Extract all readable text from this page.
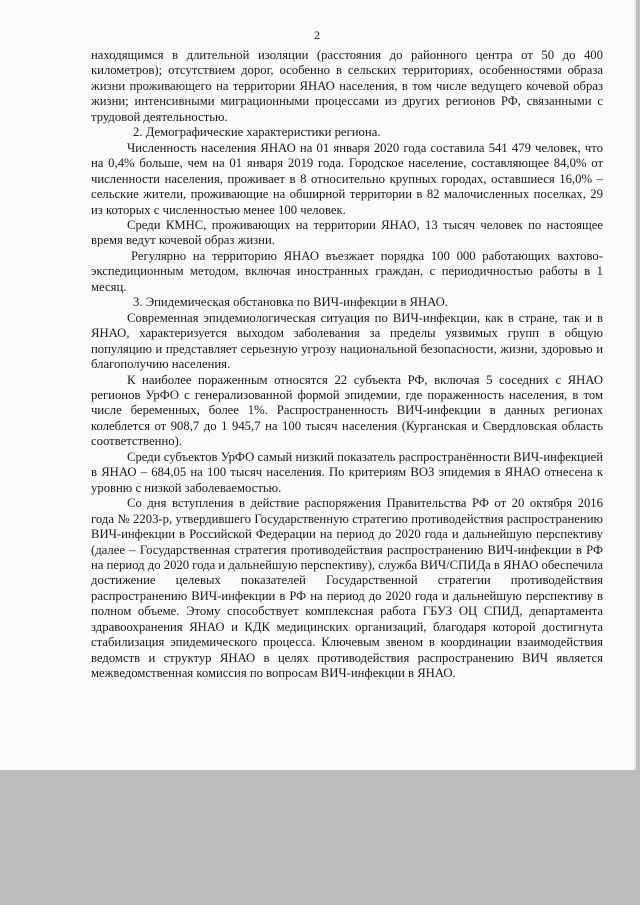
2

находящимся в длительной изоляции (расстояния до районного центра от 50 до 400 километров); отсутствием дорог, особенно в сельских территориях, особенностями образа жизни проживающего на территории ЯНАО населения, в том числе ведущего кочевой образ жизни; интенсивными миграционными процессами из других регионов РФ, связанными с трудовой деятельностью.

2. Демографические характеристики региона.

Численность населения ЯНАО на 01 января 2020 года составила 541 479 человек, что на 0,4% больше, чем на 01 января 2019 года. Городское население, составляющее 84,0% от численности населения, проживает в 8 относительно крупных городах, оставшиеся 16,0% – сельские жители, проживающие на обширной территории в 82 малочисленных поселках, 29 из которых с численностью менее 100 человек.

Среди КМНС, проживающих на территории ЯНАО, 13 тысяч человек по настоящее время ведут кочевой образ жизни.

Регулярно на территорию ЯНАО въезжает порядка 100 000 работающих вахтово-экспедиционным методом, включая иностранных граждан, с периодичностью работы в 1 месяц.

3. Эпидемическая обстановка по ВИЧ-инфекции в ЯНАО.

Современная эпидемиологическая ситуация по ВИЧ-инфекции, как в стране, так и в ЯНАО, характеризуется выходом заболевания за пределы уязвимых групп в общую популяцию и представляет серьезную угрозу национальной безопасности, жизни, здоровью и благополучию населения.

К наиболее пораженным относятся 22 субъекта РФ, включая 5 соседних с ЯНАО регионов УрФО с генерализованной формой эпидемии, где пораженность населения, в том числе беременных, более 1%. Распространенность ВИЧ-инфекции в данных регионах колеблется от 908,7 до 1 945,7 на 100 тысяч населения (Курганская и Свердловская область соответственно).

Среди субъектов УрФО самый низкий показатель распространённости ВИЧ-инфекцией в ЯНАО – 684,05 на 100 тысяч населения. По критериям ВОЗ эпидемия в ЯНАО отнесена к уровню с низкой заболеваемостью.

Со дня вступления в действие распоряжения Правительства РФ от 20 октября 2016 года № 2203-р, утвердившего Государственную стратегию противодействия распространению ВИЧ-инфекции в Российской Федерации на период до 2020 года и дальнейшую перспективу (далее – Государственная стратегия противодействия распространению ВИЧ-инфекции в РФ на период до 2020 года и дальнейшую перспективу), служба ВИЧ/СПИДа в ЯНАО обеспечила достижение целевых показателей Государственной стратегии противодействия распространению ВИЧ-инфекции в РФ на период до 2020 года и дальнейшую перспективу в полном объеме. Этому способствует комплексная работа ГБУЗ ОЦ СПИД, департамента здравоохранения ЯНАО и КДК медицинских организаций, благодаря которой достигнута стабилизация эпидемического процесса. Ключевым звеном в координации взаимодействия ведомств и структур ЯНАО в целях противодействия распространению ВИЧ является межведомственная комиссия по вопросам ВИЧ-инфекции в ЯНАО.
